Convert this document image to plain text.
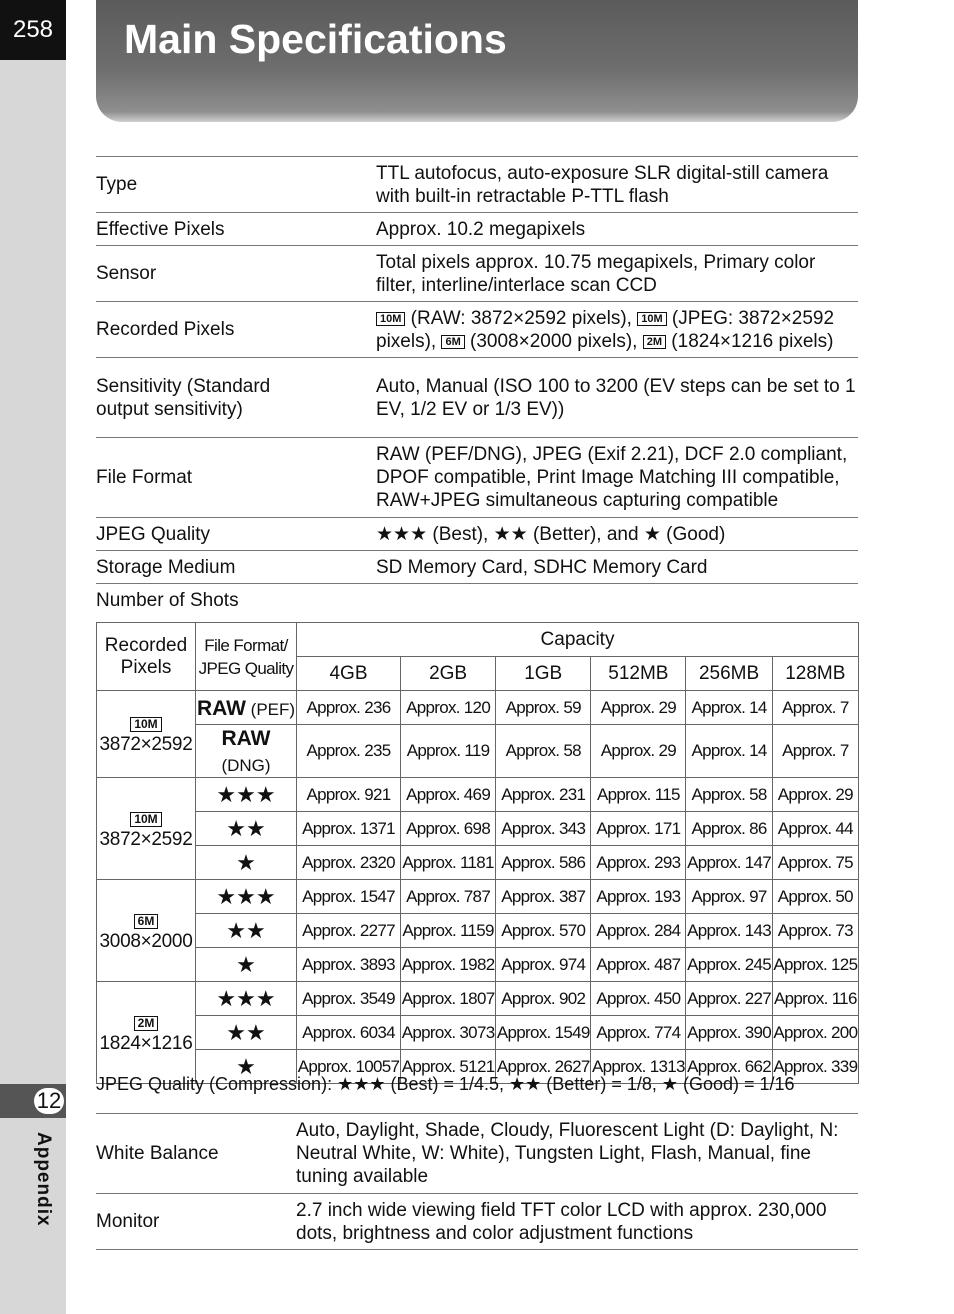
258
12
Appendix
Main Specifications
Type	TTL autofocus, auto-exposure SLR digital-still camera with built-in retractable P-TTL flash
Effective Pixels	Approx. 10.2 megapixels
Sensor	Total pixels approx. 10.75 megapixels, Primary color filter, interline/interlace scan CCD
Recorded Pixels	10M (RAW: 3872×2592 pixels), 10M (JPEG: 3872×2592 pixels), 6M (3008×2000 pixels), 2M (1824×1216 pixels)
Sensitivity (Standard output sensitivity)	Auto, Manual (ISO 100 to 3200 (EV steps can be set to 1 EV, 1/2 EV or 1/3 EV))
File Format	RAW (PEF/DNG), JPEG (Exif 2.21), DCF 2.0 compliant, DPOF compatible, Print Image Matching III compatible, RAW+JPEG simultaneous capturing compatible
JPEG Quality	★★★ (Best), ★★ (Better), and ★ (Good)
Storage Medium	SD Memory Card, SDHC Memory Card
Number of Shots
Recorded Pixels	File Format/ JPEG Quality	Capacity					
		4GB	2GB	1GB	512MB	256MB	128MB
10M
3872×2592	RAW (PEF)	Approx. 236	Approx. 120	Approx. 59	Approx. 29	Approx. 14	Approx. 7
	RAW (DNG)	Approx. 235	Approx. 119	Approx. 58	Approx. 29	Approx. 14	Approx. 7
10M
3872×2592	★★★	Approx. 921	Approx. 469	Approx. 231	Approx. 115	Approx. 58	Approx. 29
	★★	Approx. 1371	Approx. 698	Approx. 343	Approx. 171	Approx. 86	Approx. 44
	★	Approx. 2320	Approx. 1181	Approx. 586	Approx. 293	Approx. 147	Approx. 75
6M
3008×2000	★★★	Approx. 1547	Approx. 787	Approx. 387	Approx. 193	Approx. 97	Approx. 50
	★★	Approx. 2277	Approx. 1159	Approx. 570	Approx. 284	Approx. 143	Approx. 73
	★	Approx. 3893	Approx. 1982	Approx. 974	Approx. 487	Approx. 245	Approx. 125
2M
1824×1216	★★★	Approx. 3549	Approx. 1807	Approx. 902	Approx. 450	Approx. 227	Approx. 116
	★★	Approx. 6034	Approx. 3073	Approx. 1549	Approx. 774	Approx. 390	Approx. 200
	★	Approx. 10057	Approx. 5121	Approx. 2627	Approx. 1313	Approx. 662	Approx. 339
JPEG Quality (Compression): ★★★ (Best) = 1/4.5, ★★ (Better) = 1/8, ★ (Good) = 1/16
White Balance	Auto, Daylight, Shade, Cloudy, Fluorescent Light (D: Daylight, N: Neutral White, W: White), Tungsten Light, Flash, Manual, fine tuning available
Monitor	2.7 inch wide viewing field TFT color LCD with approx. 230,000 dots, brightness and color adjustment functions
